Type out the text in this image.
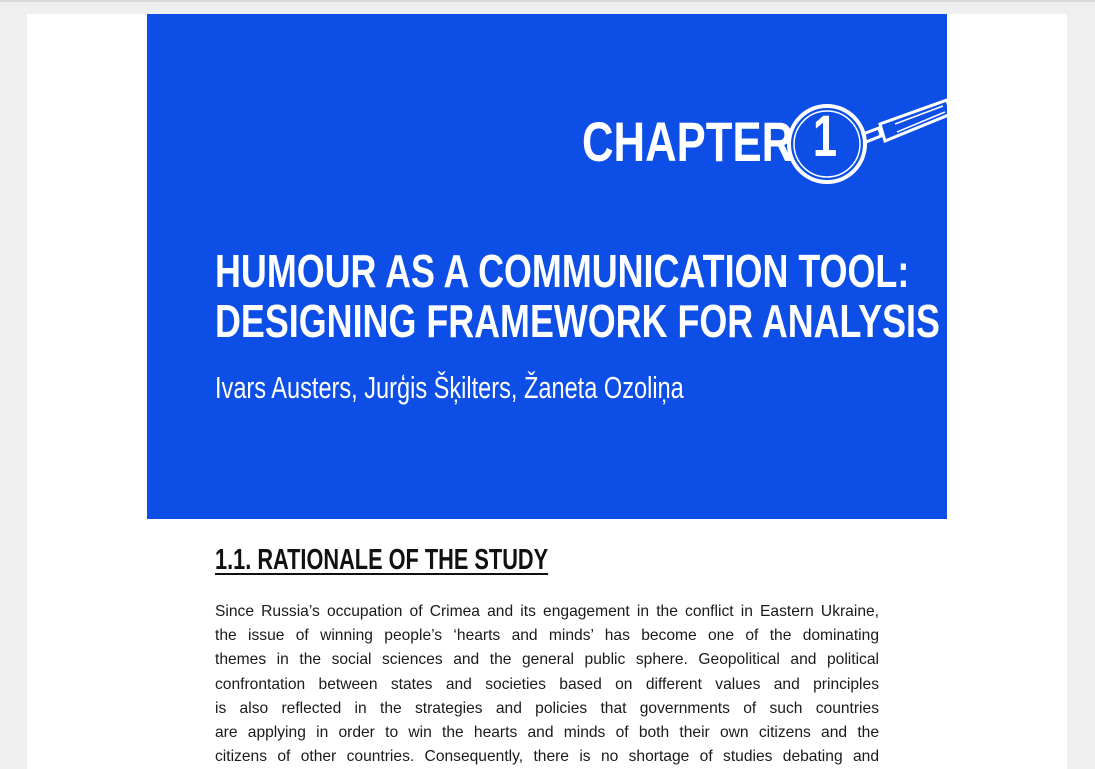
CHAPTER 1
HUMOUR AS A COMMUNICATION TOOL:
DESIGNING FRAMEWORK FOR ANALYSIS
Ivars Austers, Jurģis Šķilters, Žaneta Ozoliņa
1.1. RATIONALE OF THE STUDY
Since Russia’s occupation of Crimea and its engagement in the conflict in Eastern Ukraine,
the issue of winning people’s ‘hearts and minds’ has become one of the dominating
themes in the social sciences and the general public sphere. Geopolitical and political
confrontation between states and societies based on different values and principles
is also reflected in the strategies and policies that governments of such countries
are applying in order to win the hearts and minds of both their own citizens and the
citizens of other countries. Consequently, there is no shortage of studies debating and
